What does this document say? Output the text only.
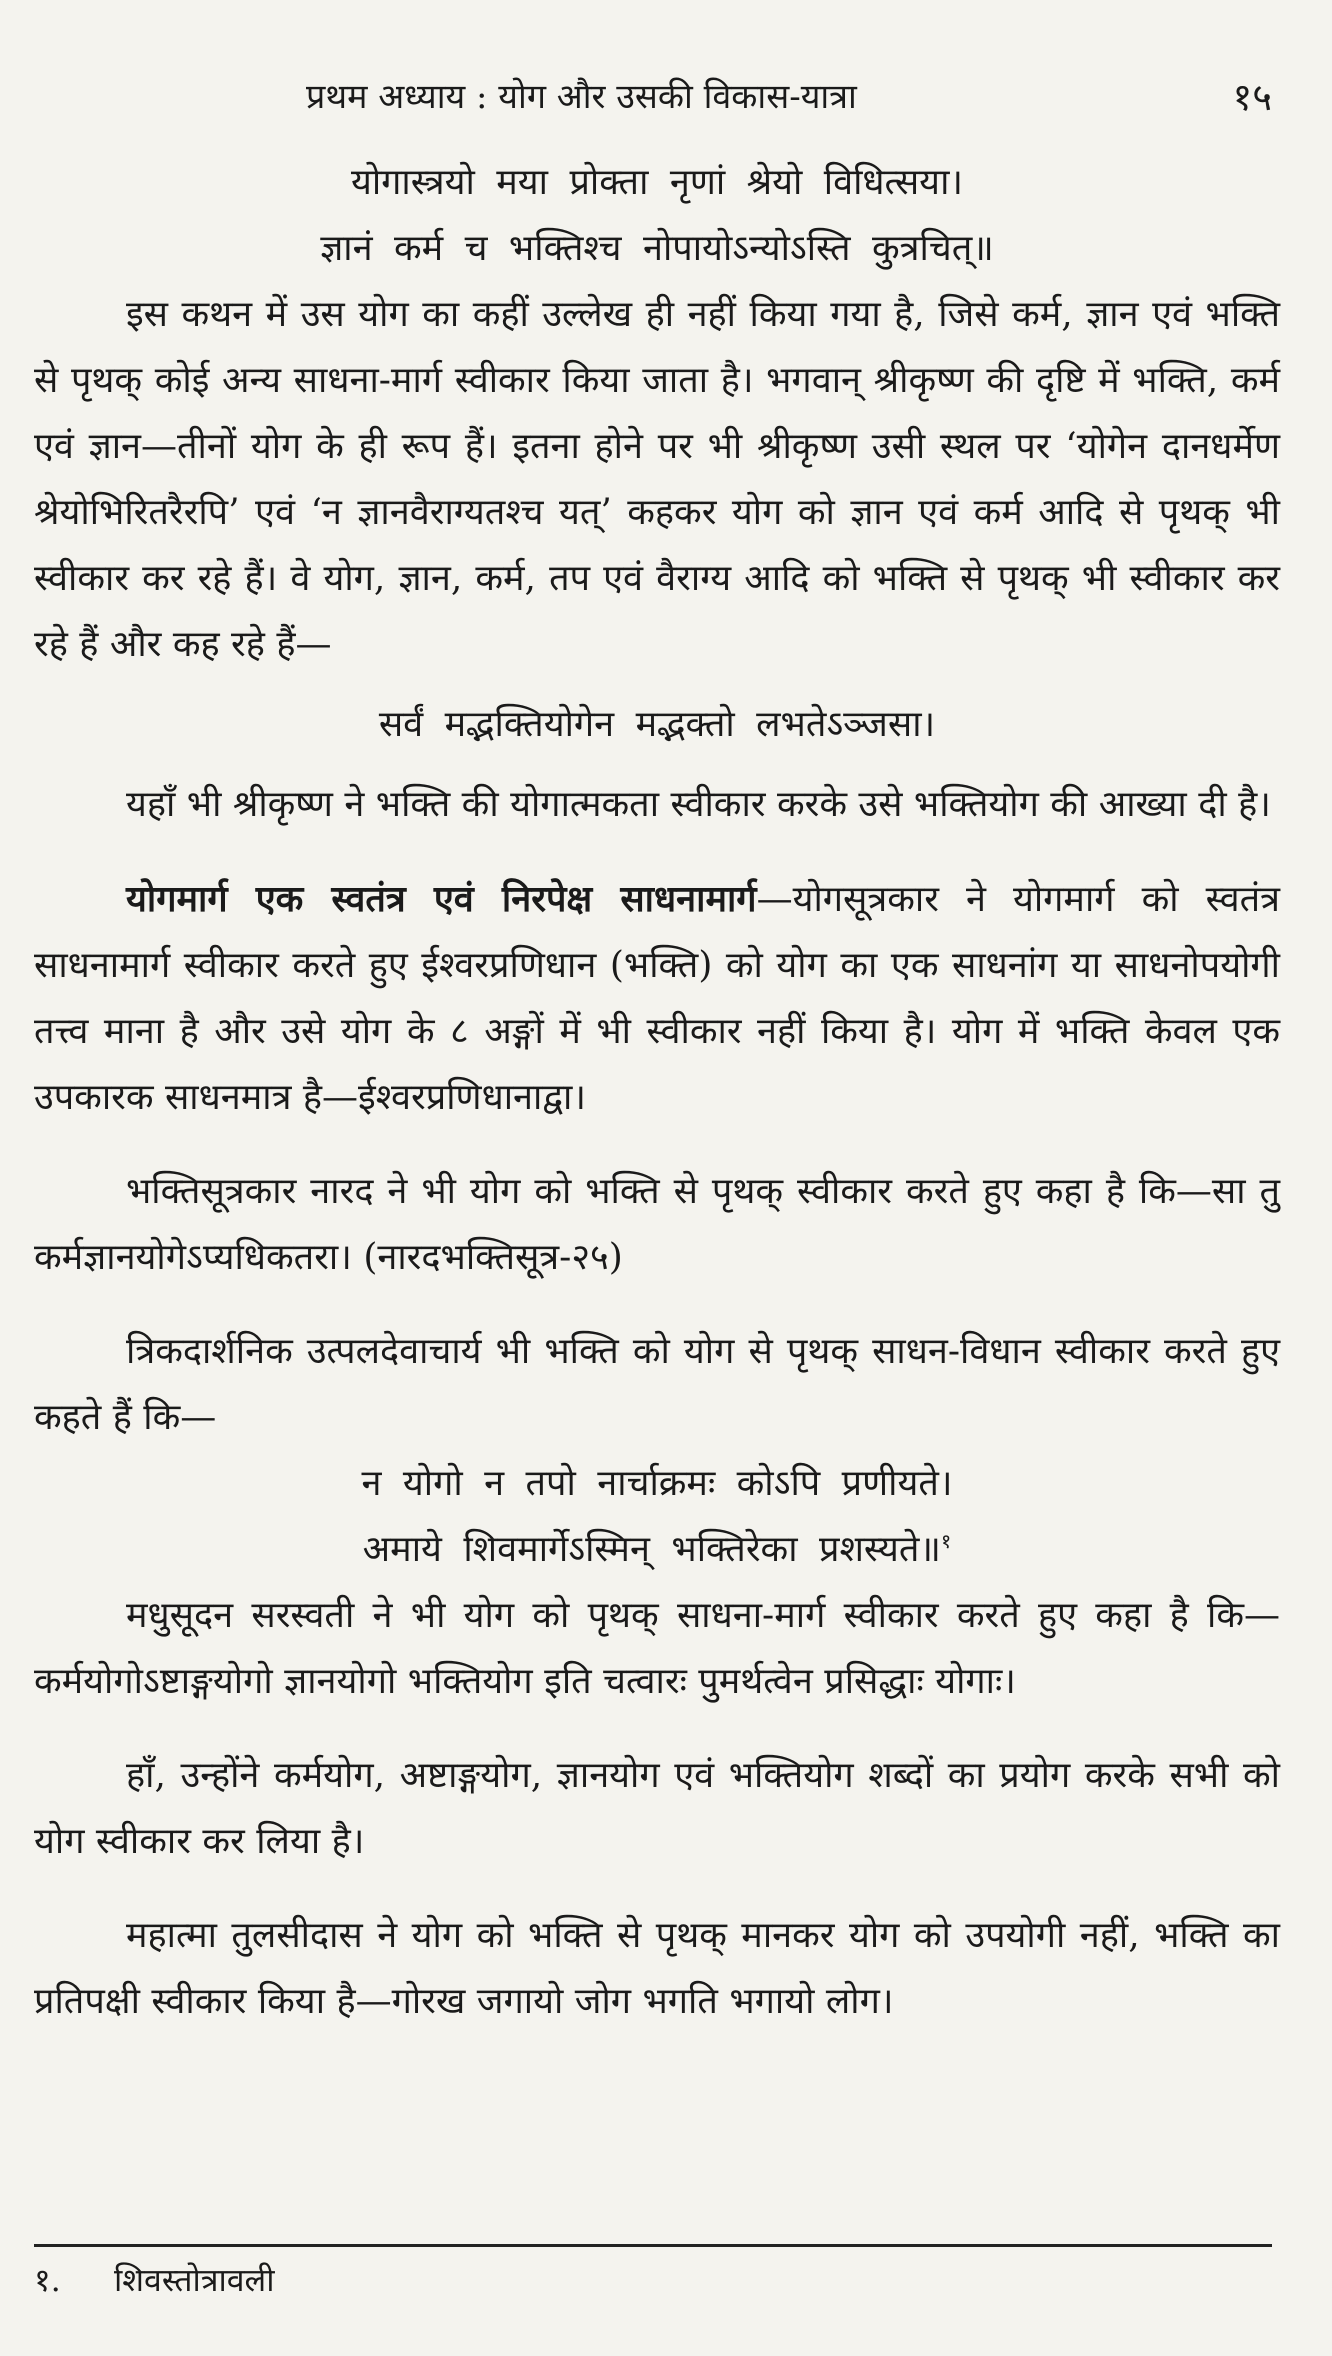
प्रथम अध्याय : योग और उसकी विकास-यात्रा	१५

योगास्त्रयो मया प्रोक्ता नृणां श्रेयो विधित्सया।

ज्ञानं कर्म च भक्तिश्च नोपायोऽन्योऽस्ति कुत्रचित्॥

इस कथन में उस योग का कहीं उल्लेख ही नहीं किया गया है, जिसे कर्म, ज्ञान एवं भक्ति से पृथक् कोई अन्य साधना-मार्ग स्वीकार किया जाता है। भगवान् श्रीकृष्ण की दृष्टि में भक्ति, कर्म एवं ज्ञान—तीनों योग के ही रूप हैं। इतना होने पर भी श्रीकृष्ण उसी स्थल पर ‘योगेन दानधर्मेण श्रेयोभिरितरैरपि’ एवं ‘न ज्ञानवैराग्यतश्च यत्’ कहकर योग को ज्ञान एवं कर्म आदि से पृथक् भी स्वीकार कर रहे हैं। वे योग, ज्ञान, कर्म, तप एवं वैराग्य आदि को भक्ति से पृथक् भी स्वीकार कर रहे हैं और कह रहे हैं—

सर्वं मद्भक्तियोगेन मद्भक्तो लभतेऽञ्जसा।

यहाँ भी श्रीकृष्ण ने भक्ति की योगात्मकता स्वीकार करके उसे भक्तियोग की आख्या दी है।

योगमार्ग एक स्वतंत्र एवं निरपेक्ष साधनामार्ग—योगसूत्रकार ने योगमार्ग को स्वतंत्र साधनामार्ग स्वीकार करते हुए ईश्वरप्रणिधान (भक्ति) को योग का एक साधनांग या साधनोपयोगी तत्त्व माना है और उसे योग के ८ अङ्गों में भी स्वीकार नहीं किया है। योग में भक्ति केवल एक उपकारक साधनमात्र है—ईश्वरप्रणिधानाद्वा।

भक्तिसूत्रकार नारद ने भी योग को भक्ति से पृथक् स्वीकार करते हुए कहा है कि—सा तु कर्मज्ञानयोगेऽप्यधिकतरा। (नारदभक्तिसूत्र-२५)

त्रिकदार्शनिक उत्पलदेवाचार्य भी भक्ति को योग से पृथक् साधन-विधान स्वीकार करते हुए कहते हैं कि—

न योगो न तपो नार्चाक्रमः कोऽपि प्रणीयते।

अमाये शिवमार्गेऽस्मिन् भक्तिरेका प्रशस्यते॥$^१$

मधुसूदन सरस्वती ने भी योग को पृथक् साधना-मार्ग स्वीकार करते हुए कहा है कि—कर्मयोगोऽष्टाङ्गयोगो ज्ञानयोगो भक्तियोग इति चत्वारः पुमर्थत्वेन प्रसिद्धाः योगाः।

हाँ, उन्होंने कर्मयोग, अष्टाङ्गयोग, ज्ञानयोग एवं भक्तियोग शब्दों का प्रयोग करके सभी को योग स्वीकार कर लिया है।

महात्मा तुलसीदास ने योग को भक्ति से पृथक् मानकर योग को उपयोगी नहीं, भक्ति का प्रतिपक्षी स्वीकार किया है—गोरख जगायो जोग भगति भगायो लोग।

१. शिवस्तोत्रावली
